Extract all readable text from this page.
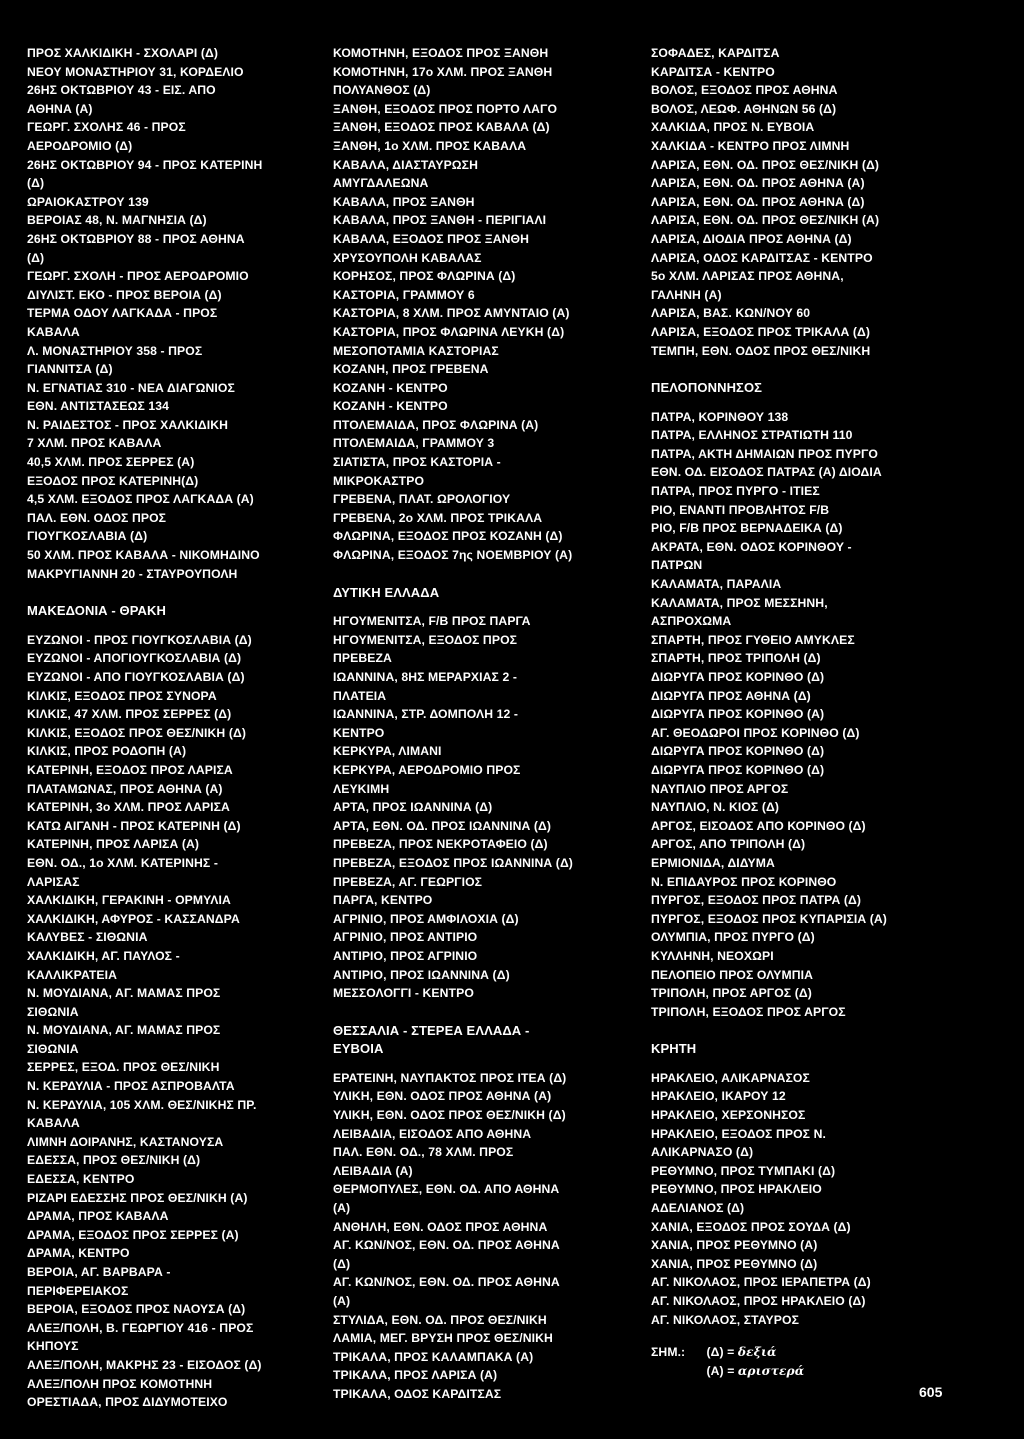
ΠΡΟΣ ΧΑΛΚΙΔΙΚΗ - ΣΧΟΛΑΡΙ (Δ)
ΝΕΟΥ ΜΟΝΑΣΤΗΡΙΟΥ 31, ΚΟΡΔΕΛΙΟ
26ΗΣ ΟΚΤΩΒΡΙΟΥ 43 - ΕΙΣ. ΑΠΟ
ΑΘΗΝΑ (Α)
ΓΕΩΡΓ. ΣΧΟΛΗΣ 46 - ΠΡΟΣ
ΑΕΡΟΔΡΟΜΙΟ (Δ)
26ΗΣ ΟΚΤΩΒΡΙΟΥ 94 - ΠΡΟΣ ΚΑΤΕΡΙΝΗ
(Δ)
ΩΡΑΙΟΚΑΣΤΡΟΥ 139
ΒΕΡΟΙΑΣ 48, Ν. ΜΑΓΝΗΣΙΑ (Δ)
26ΗΣ ΟΚΤΩΒΡΙΟΥ 88 - ΠΡΟΣ ΑΘΗΝΑ
(Δ)
ΓΕΩΡΓ. ΣΧΟΛΗ - ΠΡΟΣ ΑΕΡΟΔΡΟΜΙΟ
ΔΙΥΛΙΣΤ. ΕΚΟ - ΠΡΟΣ ΒΕΡΟΙΑ (Δ)
ΤΕΡΜΑ ΟΔΟΥ ΛΑΓΚΑΔΑ - ΠΡΟΣ
ΚΑΒΑΛΑ
Λ. ΜΟΝΑΣΤΗΡΙΟΥ 358 - ΠΡΟΣ
ΓΙΑΝΝΙΤΣΑ (Δ)
Ν. ΕΓΝΑΤΙΑΣ 310 - ΝΕΑ ΔΙΑΓΩΝΙΟΣ
ΕΘΝ. ΑΝΤΙΣΤΑΣΕΩΣ 134
Ν. ΡΑΙΔΕΣΤΟΣ - ΠΡΟΣ ΧΑΛΚΙΔΙΚΗ
7 ΧΛΜ. ΠΡΟΣ ΚΑΒΑΛΑ
40,5 ΧΛΜ. ΠΡΟΣ ΣΕΡΡΕΣ (Α)
ΕΞΟΔΟΣ ΠΡΟΣ ΚΑΤΕΡΙΝΗ(Δ)
4,5 ΧΛΜ. ΕΞΟΔΟΣ ΠΡΟΣ ΛΑΓΚΑΔΑ (Α)
ΠΑΛ. ΕΘΝ. ΟΔΟΣ ΠΡΟΣ
ΓΙΟΥΓΚΟΣΛΑΒΙΑ (Δ)
50 ΧΛΜ. ΠΡΟΣ ΚΑΒΑΛΑ - ΝΙΚΟΜΗΔΙΝΟ
ΜΑΚΡΥΓΙΑΝΝΗ 20 - ΣΤΑΥΡΟΥΠΟΛΗ
ΜΑΚΕΔΟΝΙΑ - ΘΡΑΚΗ
ΕΥΖΩΝΟΙ - ΠΡΟΣ ΓΙΟΥΓΚΟΣΛΑΒΙΑ (Δ)
ΕΥΖΩΝΟΙ - ΑΠΟΓΙΟΥΓΚΟΣΛΑΒΙΑ (Δ)
ΕΥΖΩΝΟΙ - ΑΠΟ ΓΙΟΥΓΚΟΣΛΑΒΙΑ (Δ)
ΚΙΛΚΙΣ, ΕΞΟΔΟΣ ΠΡΟΣ ΣΥΝΟΡΑ
ΚΙΛΚΙΣ, 47 ΧΛΜ. ΠΡΟΣ ΣΕΡΡΕΣ (Δ)
ΚΙΛΚΙΣ, ΕΞΟΔΟΣ ΠΡΟΣ ΘΕΣ/ΝΙΚΗ (Δ)
ΚΙΛΚΙΣ, ΠΡΟΣ ΡΟΔΟΠΗ (Α)
ΚΑΤΕΡΙΝΗ, ΕΞΟΔΟΣ ΠΡΟΣ ΛΑΡΙΣΑ
ΠΛΑΤΑΜΩΝΑΣ, ΠΡΟΣ ΑΘΗΝΑ (Α)
ΚΑΤΕΡΙΝΗ, 3ο ΧΛΜ. ΠΡΟΣ ΛΑΡΙΣΑ
ΚΑΤΩ ΑΙΓΑΝΗ - ΠΡΟΣ ΚΑΤΕΡΙΝΗ (Δ)
ΚΑΤΕΡΙΝΗ, ΠΡΟΣ ΛΑΡΙΣΑ (Α)
ΕΘΝ. ΟΔ., 1ο ΧΛΜ. ΚΑΤΕΡΙΝΗΣ -
ΛΑΡΙΣΑΣ
ΧΑΛΚΙΔΙΚΗ, ΓΕΡΑΚΙΝΗ - ΟΡΜΥΛΙΑ
ΧΑΛΚΙΔΙΚΗ, ΑΦΥΡΟΣ - ΚΑΣΣΑΝΔΡΑ
ΚΑΛΥΒΕΣ - ΣΙΘΩΝΙΑ
ΧΑΛΚΙΔΙΚΗ, ΑΓ. ΠΑΥΛΟΣ -
ΚΑΛΛΙΚΡΑΤΕΙΑ
Ν. ΜΟΥΔΙΑΝΑ, ΑΓ. ΜΑΜΑΣ ΠΡΟΣ
ΣΙΘΩΝΙΑ
Ν. ΜΟΥΔΙΑΝΑ, ΑΓ. ΜΑΜΑΣ ΠΡΟΣ
ΣΙΘΩΝΙΑ
ΣΕΡΡΕΣ, ΕΞΟΔ. ΠΡΟΣ ΘΕΣ/ΝΙΚΗ
Ν. ΚΕΡΔΥΛΙΑ - ΠΡΟΣ ΑΣΠΡΟΒΑΛΤΑ
Ν. ΚΕΡΔΥΛΙΑ, 105 ΧΛΜ. ΘΕΣ/ΝΙΚΗΣ ΠΡ.
ΚΑΒΑΛΑ
ΛΙΜΝΗ ΔΟΙΡΑΝΗΣ, ΚΑΣΤΑΝΟΥΣΑ
ΕΔΕΣΣΑ, ΠΡΟΣ ΘΕΣ/ΝΙΚΗ (Δ)
ΕΔΕΣΣΑ, ΚΕΝΤΡΟ
ΡΙΖΑΡΙ ΕΔΕΣΣΗΣ ΠΡΟΣ ΘΕΣ/ΝΙΚΗ (Α)
ΔΡΑΜΑ, ΠΡΟΣ ΚΑΒΑΛΑ
ΔΡΑΜΑ, ΕΞΟΔΟΣ ΠΡΟΣ ΣΕΡΡΕΣ (Α)
ΔΡΑΜΑ, ΚΕΝΤΡΟ
ΒΕΡΟΙΑ, ΑΓ. ΒΑΡΒΑΡΑ -
ΠΕΡΙΦΕΡΕΙΑΚΟΣ
ΒΕΡΟΙΑ, ΕΞΟΔΟΣ ΠΡΟΣ ΝΑΟΥΣΑ (Δ)
ΑΛΕΞ/ΠΟΛΗ, Β. ΓΕΩΡΓΙΟΥ 416 - ΠΡΟΣ
ΚΗΠΟΥΣ
ΑΛΕΞ/ΠΟΛΗ, ΜΑΚΡΗΣ 23 - ΕΙΣΟΔΟΣ (Δ)
ΑΛΕΞ/ΠΟΛΗ ΠΡΟΣ ΚΟΜΟΤΗΝΗ
ΟΡΕΣΤΙΑΔΑ, ΠΡΟΣ ΔΙΔΥΜΟΤΕΙΧΟ
ΚΟΜΟΤΗΝΗ, ΕΞΟΔΟΣ ΠΡΟΣ ΞΑΝΘΗ
ΚΟΜΟΤΗΝΗ, 17ο ΧΛΜ. ΠΡΟΣ ΞΑΝΘΗ
ΠΟΛΥΑΝΘΟΣ (Δ)
ΞΑΝΘΗ, ΕΞΟΔΟΣ ΠΡΟΣ ΠΟΡΤΟ ΛΑΓΟ
ΞΑΝΘΗ, ΕΞΟΔΟΣ ΠΡΟΣ ΚΑΒΑΛΑ (Δ)
ΞΑΝΘΗ, 1ο ΧΛΜ. ΠΡΟΣ ΚΑΒΑΛΑ
ΚΑΒΑΛΑ, ΔΙΑΣΤΑΥΡΩΣΗ
ΑΜΥΓΔΑΛΕΩΝΑ
ΚΑΒΑΛΑ, ΠΡΟΣ ΞΑΝΘΗ
ΚΑΒΑΛΑ, ΠΡΟΣ ΞΑΝΘΗ - ΠΕΡΙΓΙΑΛΙ
ΚΑΒΑΛΑ, ΕΞΟΔΟΣ ΠΡΟΣ ΞΑΝΘΗ
ΧΡΥΣΟΥΠΟΛΗ ΚΑΒΑΛΑΣ
ΚΟΡΗΣΟΣ, ΠΡΟΣ ΦΛΩΡΙΝΑ (Δ)
ΚΑΣΤΟΡΙΑ, ΓΡΑΜΜΟΥ 6
ΚΑΣΤΟΡΙΑ, 8 ΧΛΜ. ΠΡΟΣ ΑΜΥΝΤΑΙΟ (Α)
ΚΑΣΤΟΡΙΑ, ΠΡΟΣ ΦΛΩΡΙΝΑ ΛΕΥΚΗ (Δ)
ΜΕΣΟΠΟΤΑΜΙΑ ΚΑΣΤΟΡΙΑΣ
ΚΟΖΑΝΗ, ΠΡΟΣ ΓΡΕΒΕΝΑ
ΚΟΖΑΝΗ - ΚΕΝΤΡΟ
ΚΟΖΑΝΗ - ΚΕΝΤΡΟ
ΠΤΟΛΕΜΑΙΔΑ, ΠΡΟΣ ΦΛΩΡΙΝΑ (Α)
ΠΤΟΛΕΜΑΙΔΑ, ΓΡΑΜΜΟΥ 3
ΣΙΑΤΙΣΤΑ, ΠΡΟΣ ΚΑΣΤΟΡΙΑ -
ΜΙΚΡΟΚΑΣΤΡΟ
ΓΡΕΒΕΝΑ, ΠΛΑΤ. ΩΡΟΛΟΓΙΟΥ
ΓΡΕΒΕΝΑ, 2ο ΧΛΜ. ΠΡΟΣ ΤΡΙΚΑΛΑ
ΦΛΩΡΙΝΑ, ΕΞΟΔΟΣ ΠΡΟΣ ΚΟΖΑΝΗ (Δ)
ΦΛΩΡΙΝΑ, ΕΞΟΔΟΣ 7ης ΝΟΕΜΒΡΙΟΥ (Α)
ΔΥΤΙΚΗ ΕΛΛΑΔΑ
ΗΓΟΥΜΕΝΙΤΣΑ, F/B ΠΡΟΣ ΠΑΡΓΑ
ΗΓΟΥΜΕΝΙΤΣΑ, ΕΞΟΔΟΣ ΠΡΟΣ
ΠΡΕΒΕΖΑ
ΙΩΑΝΝΙΝΑ, 8ΗΣ ΜΕΡΑΡΧΙΑΣ 2 -
ΠΛΑΤΕΙΑ
ΙΩΑΝΝΙΝΑ, ΣΤΡ. ΔΟΜΠΟΛΗ 12 -
ΚΕΝΤΡΟ
ΚΕΡΚΥΡΑ, ΛΙΜΑΝΙ
ΚΕΡΚΥΡΑ, ΑΕΡΟΔΡΟΜΙΟ ΠΡΟΣ
ΛΕΥΚΙΜΗ
ΑΡΤΑ, ΠΡΟΣ ΙΩΑΝΝΙΝΑ (Δ)
ΑΡΤΑ, ΕΘΝ. ΟΔ. ΠΡΟΣ ΙΩΑΝΝΙΝΑ (Δ)
ΠΡΕΒΕΖΑ, ΠΡΟΣ ΝΕΚΡΟΤΑΦΕΙΟ (Δ)
ΠΡΕΒΕΖΑ, ΕΞΟΔΟΣ ΠΡΟΣ ΙΩΑΝΝΙΝΑ (Δ)
ΠΡΕΒΕΖΑ, ΑΓ. ΓΕΩΡΓΙΟΣ
ΠΑΡΓΑ, ΚΕΝΤΡΟ
ΑΓΡΙΝΙΟ, ΠΡΟΣ ΑΜΦΙΛΟΧΙΑ (Δ)
ΑΓΡΙΝΙΟ, ΠΡΟΣ ΑΝΤΙΡΙΟ
ΑΝΤΙΡΙΟ, ΠΡΟΣ ΑΓΡΙΝΙΟ
ΑΝΤΙΡΙΟ, ΠΡΟΣ ΙΩΑΝΝΙΝΑ (Δ)
ΜΕΣΣΟΛΟΓΓΙ - ΚΕΝΤΡΟ
ΘΕΣΣΑΛΙΑ - ΣΤΕΡΕΑ ΕΛΛΑΔΑ -
ΕΥΒΟΙΑ
ΕΡΑΤΕΙΝΗ, ΝΑΥΠΑΚΤΟΣ ΠΡΟΣ ΙΤΕΑ (Δ)
ΥΛΙΚΗ, ΕΘΝ. ΟΔΟΣ ΠΡΟΣ ΑΘΗΝΑ (Α)
ΥΛΙΚΗ, ΕΘΝ. ΟΔΟΣ ΠΡΟΣ ΘΕΣ/ΝΙΚΗ (Δ)
ΛΕΙΒΑΔΙΑ, ΕΙΣΟΔΟΣ ΑΠΟ ΑΘΗΝΑ
ΠΑΛ. ΕΘΝ. ΟΔ., 78 ΧΛΜ. ΠΡΟΣ
ΛΕΙΒΑΔΙΑ (Α)
ΘΕΡΜΟΠΥΛΕΣ, ΕΘΝ. ΟΔ. ΑΠΟ ΑΘΗΝΑ
(Α)
ΑΝΘΗΛΗ, ΕΘΝ. ΟΔΟΣ ΠΡΟΣ ΑΘΗΝΑ
ΑΓ. ΚΩΝ/ΝΟΣ, ΕΘΝ. ΟΔ. ΠΡΟΣ ΑΘΗΝΑ
(Δ)
ΑΓ. ΚΩΝ/ΝΟΣ, ΕΘΝ. ΟΔ. ΠΡΟΣ ΑΘΗΝΑ
(Α)
ΣΤΥΛΙΔΑ, ΕΘΝ. ΟΔ. ΠΡΟΣ ΘΕΣ/ΝΙΚΗ
ΛΑΜΙΑ, ΜΕΓ. ΒΡΥΣΗ ΠΡΟΣ ΘΕΣ/ΝΙΚΗ
ΤΡΙΚΑΛΑ, ΠΡΟΣ ΚΑΛΑΜΠΑΚΑ (Α)
ΤΡΙΚΑΛΑ, ΠΡΟΣ ΛΑΡΙΣΑ (Α)
ΤΡΙΚΑΛΑ, ΟΔΟΣ ΚΑΡΔΙΤΣΑΣ
ΣΟΦΑΔΕΣ, ΚΑΡΔΙΤΣΑ
ΚΑΡΔΙΤΣΑ - ΚΕΝΤΡΟ
ΒΟΛΟΣ, ΕΞΟΔΟΣ ΠΡΟΣ ΑΘΗΝΑ
ΒΟΛΟΣ, ΛΕΩΦ. ΑΘΗΝΩΝ 56 (Δ)
ΧΑΛΚΙΔΑ, ΠΡΟΣ Ν. ΕΥΒΟΙΑ
ΧΑΛΚΙΔΑ - ΚΕΝΤΡΟ ΠΡΟΣ ΛΙΜΝΗ
ΛΑΡΙΣΑ, ΕΘΝ. ΟΔ. ΠΡΟΣ ΘΕΣ/ΝΙΚΗ (Δ)
ΛΑΡΙΣΑ, ΕΘΝ. ΟΔ. ΠΡΟΣ ΑΘΗΝΑ (Α)
ΛΑΡΙΣΑ, ΕΘΝ. ΟΔ. ΠΡΟΣ ΑΘΗΝΑ (Δ)
ΛΑΡΙΣΑ, ΕΘΝ. ΟΔ. ΠΡΟΣ ΘΕΣ/ΝΙΚΗ (Α)
ΛΑΡΙΣΑ, ΔΙΟΔΙΑ ΠΡΟΣ ΑΘΗΝΑ (Δ)
ΛΑΡΙΣΑ, ΟΔΟΣ ΚΑΡΔΙΤΣΑΣ - ΚΕΝΤΡΟ
5ο ΧΛΜ. ΛΑΡΙΣΑΣ ΠΡΟΣ ΑΘΗΝΑ,
ΓΑΛΗΝΗ (Α)
ΛΑΡΙΣΑ, ΒΑΣ. ΚΩΝ/ΝΟΥ 60
ΛΑΡΙΣΑ, ΕΞΟΔΟΣ ΠΡΟΣ ΤΡΙΚΑΛΑ (Δ)
ΤΕΜΠΗ, ΕΘΝ. ΟΔΟΣ ΠΡΟΣ ΘΕΣ/ΝΙΚΗ
ΠΕΛΟΠΟΝΝΗΣΟΣ
ΠΑΤΡΑ, ΚΟΡΙΝΘΟΥ 138
ΠΑΤΡΑ, ΕΛΛΗΝΟΣ ΣΤΡΑΤΙΩΤΗ 110
ΠΑΤΡΑ, ΑΚΤΗ ΔΗΜΑΙΩΝ ΠΡΟΣ ΠΥΡΓΟ
ΕΘΝ. ΟΔ. ΕΙΣΟΔΟΣ ΠΑΤΡΑΣ (Α) ΔΙΟΔΙΑ
ΠΑΤΡΑ, ΠΡΟΣ ΠΥΡΓΟ - ΙΤΙΕΣ
ΡΙΟ, ΕΝΑΝΤΙ ΠΡΟΒΛΗΤΟΣ F/B
ΡΙΟ, F/B ΠΡΟΣ ΒΕΡΝΑΔΕΙΚΑ (Δ)
ΑΚΡΑΤΑ, ΕΘΝ. ΟΔΟΣ ΚΟΡΙΝΘΟΥ -
ΠΑΤΡΩΝ
ΚΑΛΑΜΑΤΑ, ΠΑΡΑΛΙΑ
ΚΑΛΑΜΑΤΑ, ΠΡΟΣ ΜΕΣΣΗΝΗ,
ΑΣΠΡΟΧΩΜΑ
ΣΠΑΡΤΗ, ΠΡΟΣ ΓΥΘΕΙΟ ΑΜΥΚΛΕΣ
ΣΠΑΡΤΗ, ΠΡΟΣ ΤΡΙΠΟΛΗ (Δ)
ΔΙΩΡΥΓΑ ΠΡΟΣ ΚΟΡΙΝΘΟ (Δ)
ΔΙΩΡΥΓΑ ΠΡΟΣ ΑΘΗΝΑ (Δ)
ΔΙΩΡΥΓΑ ΠΡΟΣ ΚΟΡΙΝΘΟ (Α)
ΑΓ. ΘΕΟΔΩΡΟΙ ΠΡΟΣ ΚΟΡΙΝΘΟ (Δ)
ΔΙΩΡΥΓΑ ΠΡΟΣ ΚΟΡΙΝΘΟ (Δ)
ΔΙΩΡΥΓΑ ΠΡΟΣ ΚΟΡΙΝΘΟ (Δ)
ΝΑΥΠΛΙΟ ΠΡΟΣ ΑΡΓΟΣ
ΝΑΥΠΛΙΟ, Ν. ΚΙΟΣ (Δ)
ΑΡΓΟΣ, ΕΙΣΟΔΟΣ ΑΠΟ ΚΟΡΙΝΘΟ (Δ)
ΑΡΓΟΣ, ΑΠΟ ΤΡΙΠΟΛΗ (Δ)
ΕΡΜΙΟΝΙΔΑ, ΔΙΔΥΜΑ
Ν. ΕΠΙΔΑΥΡΟΣ ΠΡΟΣ ΚΟΡΙΝΘΟ
ΠΥΡΓΟΣ, ΕΞΟΔΟΣ ΠΡΟΣ ΠΑΤΡΑ (Δ)
ΠΥΡΓΟΣ, ΕΞΟΔΟΣ ΠΡΟΣ ΚΥΠΑΡΙΣΙΑ (Α)
ΟΛΥΜΠΙΑ, ΠΡΟΣ ΠΥΡΓΟ (Δ)
ΚΥΛΛΗΝΗ, ΝΕΟΧΩΡΙ
ΠΕΛΟΠΕΙΟ ΠΡΟΣ ΟΛΥΜΠΙΑ
ΤΡΙΠΟΛΗ, ΠΡΟΣ ΑΡΓΟΣ (Δ)
ΤΡΙΠΟΛΗ, ΕΞΟΔΟΣ ΠΡΟΣ ΑΡΓΟΣ
ΚΡΗΤΗ
ΗΡΑΚΛΕΙΟ, ΑΛΙΚΑΡΝΑΣΟΣ
ΗΡΑΚΛΕΙΟ, ΙΚΑΡΟΥ 12
ΗΡΑΚΛΕΙΟ, ΧΕΡΣΟΝΗΣΟΣ
ΗΡΑΚΛΕΙΟ, ΕΞΟΔΟΣ ΠΡΟΣ Ν.
ΑΛΙΚΑΡΝΑΣΟ (Δ)
ΡΕΘΥΜΝΟ, ΠΡΟΣ ΤΥΜΠΑΚΙ (Δ)
ΡΕΘΥΜΝΟ, ΠΡΟΣ ΗΡΑΚΛΕΙΟ
ΑΔΕΛΙΑΝΟΣ (Δ)
ΧΑΝΙΑ, ΕΞΟΔΟΣ ΠΡΟΣ ΣΟΥΔΑ (Δ)
ΧΑΝΙΑ, ΠΡΟΣ ΡΕΘΥΜΝΟ (Α)
ΧΑΝΙΑ, ΠΡΟΣ ΡΕΘΥΜΝΟ (Δ)
ΑΓ. ΝΙΚΟΛΑΟΣ, ΠΡΟΣ ΙΕΡΑΠΕΤΡΑ (Δ)
ΑΓ. ΝΙΚΟΛΑΟΣ, ΠΡΟΣ ΗΡΑΚΛΕΙΟ (Δ)
ΑΓ. ΝΙΚΟΛΑΟΣ, ΣΤΑΥΡΟΣ
ΣΗΜ.: (Δ) = δεξιά
(Α) = αριστερά
605
